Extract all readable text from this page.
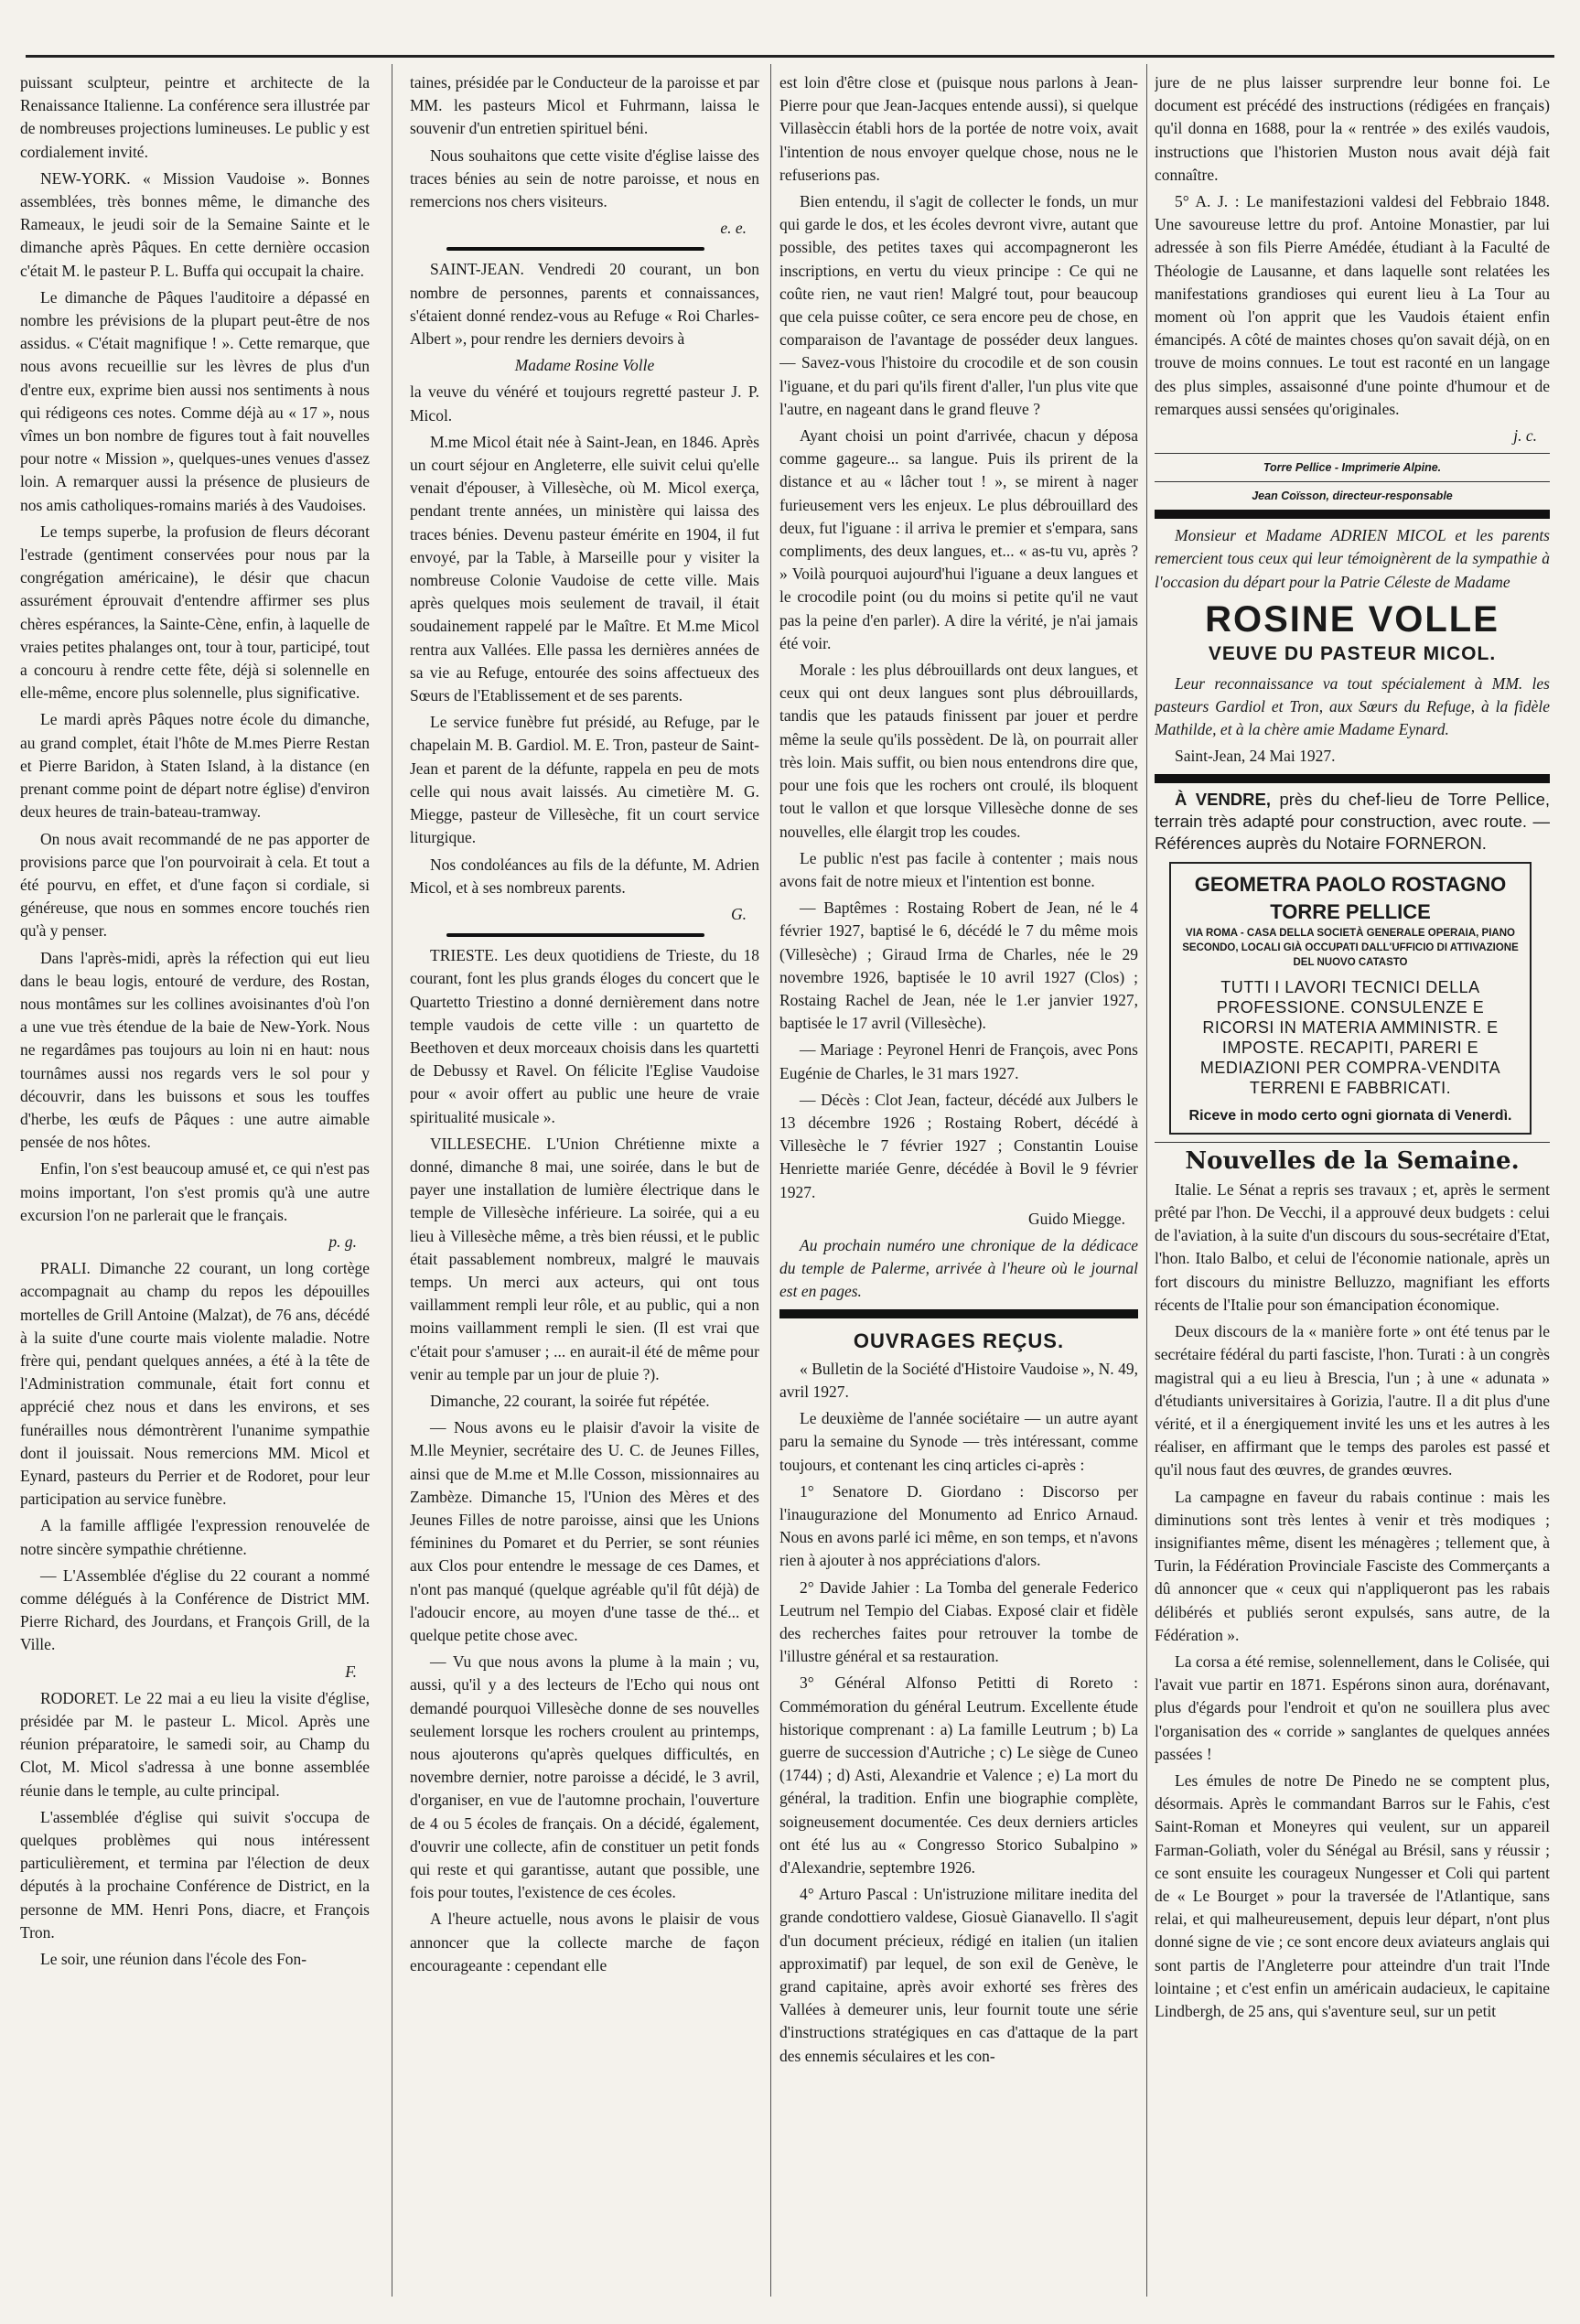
puissant sculpteur, peintre et architecte de la Renaissance Italienne. La conférence sera illustrée par de nombreuses projections lumineuses. Le public y est cordialement invité.

NEW-YORK. « Mission Vaudoise ». Bonnes assemblées, très bonnes même, le dimanche des Rameaux, le jeudi soir de la Semaine Sainte et le dimanche après Pâques. En cette dernière occasion c'était M. le pasteur P. L. Buffa qui occupait la chaire.

Le dimanche de Pâques l'auditoire a dépassé en nombre les prévisions de la plupart peut-être de nos assidus. « C'était magnifique ! ». Cette remarque, que nous avons recueillie sur les lèvres de plus d'un d'entre eux, exprime bien aussi nos sentiments à nous qui rédigeons ces notes. Comme déjà au « 17 », nous vîmes un bon nombre de figures tout à fait nouvelles pour notre « Mission », quelques-unes venues d'assez loin. A remarquer aussi la présence de plusieurs de nos amis catholiques-romains mariés à des Vaudoises.

Le temps superbe, la profusion de fleurs décorant l'estrade (gentiment conservées pour nous par la congrégation américaine), le désir que chacun assurément éprouvait d'entendre affirmer ses plus chères espérances, la Sainte-Cène, enfin, à laquelle de vraies petites phalanges ont, tour à tour, participé, tout a concouru à rendre cette fête, déjà si solennelle en elle-même, encore plus solennelle, plus significative.

Le mardi après Pâques notre école du dimanche, au grand complet, était l'hôte de M.mes Pierre Restan et Pierre Baridon, à Staten Island, à la distance (en prenant comme point de départ notre église) d'environ deux heures de train-bateau-tramway.

On nous avait recommandé de ne pas apporter de provisions parce que l'on pourvoirait à cela. Et tout a été pourvu, en effet, et d'une façon si cordiale, si généreuse, que nous en sommes encore touchés rien qu'à y penser.

Dans l'après-midi, après la réfection qui eut lieu dans le beau logis, entouré de verdure, des Rostan, nous montâmes sur les collines avoisinantes d'où l'on a une vue très étendue de la baie de New-York. Nous ne regardâmes pas toujours au loin ni en haut: nous tournâmes aussi nos regards vers le sol pour y découvrir, dans les buissons et sous les touffes d'herbe, les œufs de Pâques : une autre aimable pensée de nos hôtes.

Enfin, l'on s'est beaucoup amusé et, ce qui n'est pas moins important, l'on s'est promis qu'à une autre excursion l'on ne parlerait que le français.

p. g.

PRALI. Dimanche 22 courant, un long cortège accompagnait au champ du repos les dépouilles mortelles de Grill Antoine (Malzat), de 76 ans, décédé à la suite d'une courte mais violente maladie. Notre frère qui, pendant quelques années, a été à la tête de l'Administration communale, était fort connu et apprécié chez nous et dans les environs, et ses funérailles nous démontrèrent l'unanime sympathie dont il jouissait. Nous remercions MM. Micol et Eynard, pasteurs du Perrier et de Rodoret, pour leur participation au service funèbre.

A la famille affligée l'expression renouvelée de notre sincère sympathie chrétienne.

— L'Assemblée d'église du 22 courant a nommé comme délégués à la Conférence de District MM. Pierre Richard, des Jourdans, et François Grill, de la Ville.

F.

RODORET. Le 22 mai a eu lieu la visite d'église, présidée par M. le pasteur L. Micol. Après une réunion préparatoire, le samedi soir, au Champ du Clot, M. Micol s'adressa à une bonne assemblée réunie dans le temple, au culte principal.

L'assemblée d'église qui suivit s'occupa de quelques problèmes qui nous intéressent particulièrement, et termina par l'élection de deux députés à la prochaine Conférence de District, en la personne de MM. Henri Pons, diacre, et François Tron.

Le soir, une réunion dans l'école des Fon-

taines, présidée par le Conducteur de la paroisse et par MM. les pasteurs Micol et Fuhrmann, laissa le souvenir d'un entretien spirituel béni.

Nous souhaitons que cette visite d'église laisse des traces bénies au sein de notre paroisse, et nous en remercions nos chers visiteurs.

e. e.

SAINT-JEAN. Vendredi 20 courant, un bon nombre de personnes, parents et connaissances, s'étaient donné rendez-vous au Refuge « Roi Charles-Albert », pour rendre les derniers devoirs à

Madame Rosine Volle

la veuve du vénéré et toujours regretté pasteur J. P. Micol.

M.me Micol était née à Saint-Jean, en 1846. Après un court séjour en Angleterre, elle suivit celui qu'elle venait d'épouser, à Villesèche, où M. Micol exerça, pendant trente années, un ministère qui laissa des traces bénies. Devenu pasteur émérite en 1904, il fut envoyé, par la Table, à Marseille pour y visiter la nombreuse Colonie Vaudoise de cette ville. Mais après quelques mois seulement de travail, il était soudainement rappelé par le Maître. Et M.me Micol rentra aux Vallées. Elle passa les dernières années de sa vie au Refuge, entourée des soins affectueux des Sœurs de l'Etablissement et de ses parents.

Le service funèbre fut présidé, au Refuge, par le chapelain M. B. Gardiol. M. E. Tron, pasteur de Saint-Jean et parent de la défunte, rappela en peu de mots celle qui nous avait laissés. Au cimetière M. G. Miegge, pasteur de Villesèche, fit un court service liturgique.

Nos condoléances au fils de la défunte, M. Adrien Micol, et à ses nombreux parents.

G.

TRIESTE. Les deux quotidiens de Trieste, du 18 courant, font les plus grands éloges du concert que le Quartetto Triestino a donné dernièrement dans notre temple vaudois de cette ville : un quartetto de Beethoven et deux morceaux choisis dans les quartetti de Debussy et Ravel. On félicite l'Eglise Vaudoise pour « avoir offert au public une heure de vraie spiritualité musicale ».

VILLESECHE. L'Union Chrétienne mixte a donné, dimanche 8 mai, une soirée, dans le but de payer une installation de lumière électrique dans le temple de Villesèche inférieure. La soirée, qui a eu lieu à Villesèche même, a très bien réussi, et le public était passablement nombreux, malgré le mauvais temps. Un merci aux acteurs, qui ont tous vaillamment rempli leur rôle, et au public, qui a non moins vaillamment rempli le sien. (Il est vrai que c'était pour s'amuser ; ... en aurait-il été de même pour venir au temple par un jour de pluie ?).

Dimanche, 22 courant, la soirée fut répétée.

— Nous avons eu le plaisir d'avoir la visite de M.lle Meynier, secrétaire des U. C. de Jeunes Filles, ainsi que de M.me et M.lle Cosson, missionnaires au Zambèze. Dimanche 15, l'Union des Mères et des Jeunes Filles de notre paroisse, ainsi que les Unions féminines du Pomaret et du Perrier, se sont réunies aux Clos pour entendre le message de ces Dames, et n'ont pas manqué (quelque agréable qu'il fût déjà) de l'adoucir encore, au moyen d'une tasse de thé... et quelque petite chose avec.

— Vu que nous avons la plume à la main ; vu, aussi, qu'il y a des lecteurs de l'Echo qui nous ont demandé pourquoi Villesèche donne de ses nouvelles seulement lorsque les rochers croulent au printemps, nous ajouterons qu'après quelques difficultés, en novembre dernier, notre paroisse a décidé, le 3 avril, d'organiser, en vue de l'automne prochain, l'ouverture de 4 ou 5 écoles de français. On a décidé, également, d'ouvrir une collecte, afin de constituer un petit fonds qui reste et qui garantisse, autant que possible, une fois pour toutes, l'existence de ces écoles.

A l'heure actuelle, nous avons le plaisir de vous annoncer que la collecte marche de façon encourageante : cependant elle

est loin d'être close et (puisque nous parlons à Jean-Pierre pour que Jean-Jacques entende aussi), si quelque Villasèccin établi hors de la portée de notre voix, avait l'intention de nous envoyer quelque chose, nous ne le refuserions pas.

Bien entendu, il s'agit de collecter le fonds, un mur qui garde le dos, et les écoles devront vivre, autant que possible, des petites taxes qui accompagneront les inscriptions, en vertu du vieux principe : Ce qui ne coûte rien, ne vaut rien! Malgré tout, pour beaucoup que cela puisse coûter, ce sera encore peu de chose, en comparaison de l'avantage de posséder deux langues. — Savez-vous l'histoire du crocodile et de son cousin l'iguane, et du pari qu'ils firent d'aller, l'un plus vite que l'autre, en nageant dans le grand fleuve ?

Ayant choisi un point d'arrivée, chacun y déposa comme gageure... sa langue. Puis ils prirent de la distance et au « lâcher tout ! », se mirent à nager furieusement vers les enjeux. Le plus débrouillard des deux, fut l'iguane : il arriva le premier et s'empara, sans compliments, des deux langues, et... « as-tu vu, après ? » Voilà pourquoi aujourd'hui l'iguane a deux langues et le crocodile point (ou du moins si petite qu'il ne vaut pas la peine d'en parler). A dire la vérité, je n'ai jamais été voir.

Morale : les plus débrouillards ont deux langues, et ceux qui ont deux langues sont plus débrouillards, tandis que les patauds finissent par jouer et perdre même la seule qu'ils possèdent. De là, on pourrait aller très loin. Mais suffit, ou bien nous entendrons dire que, pour une fois que les rochers ont croulé, ils bloquent tout le vallon et que lorsque Villesèche donne de ses nouvelles, elle élargit trop les coudes.

Le public n'est pas facile à contenter ; mais nous avons fait de notre mieux et l'intention est bonne.

— Baptêmes : Rostaing Robert de Jean, né le 4 février 1927, baptisé le 6, décédé le 7 du même mois (Villesèche) ; Giraud Irma de Charles, née le 29 novembre 1926, baptisée le 10 avril 1927 (Clos) ; Rostaing Rachel de Jean, née le 1.er janvier 1927, baptisée le 17 avril (Villesèche).

— Mariage : Peyronel Henri de François, avec Pons Eugénie de Charles, le 31 mars 1927.

— Décès : Clot Jean, facteur, décédé aux Julbers le 13 décembre 1926 ; Rostaing Robert, décédé à Villesèche le 7 février 1927 ; Constantin Louise Henriette mariée Genre, décédée à Bovil le 9 février 1927.

Guido Miegge.

Au prochain numéro une chronique de la dédicace du temple de Palerme, arrivée à l'heure où le journal est en pages.

OUVRAGES REÇUS.

« Bulletin de la Société d'Histoire Vaudoise », N. 49, avril 1927.

Le deuxième de l'année sociétaire — un autre ayant paru la semaine du Synode — très intéressant, comme toujours, et contenant les cinq articles ci-après :

1° Senatore D. Giordano : Discorso per l'inaugurazione del Monumento ad Enrico Arnaud. Nous en avons parlé ici même, en son temps, et n'avons rien à ajouter à nos appréciations d'alors.

2° Davide Jahier : La Tomba del generale Federico Leutrum nel Tempio del Ciabas. Exposé clair et fidèle des recherches faites pour retrouver la tombe de l'illustre général et sa restauration.

3° Général Alfonso Petitti di Roreto : Commémoration du général Leutrum. Excellente étude historique comprenant : a) La famille Leutrum ; b) La guerre de succession d'Autriche ; c) Le siège de Cuneo (1744) ; d) Asti, Alexandrie et Valence ; e) La mort du général, la tradition. Enfin une biographie complète, soigneusement documentée. Ces deux derniers articles ont été lus au « Congresso Storico Subalpino » d'Alexandrie, septembre 1926.

4° Arturo Pascal : Un'istruzione militare inedita del grande condottiero valdese, Giosuè Gianavello. Il s'agit d'un document précieux, rédigé en italien (un italien approximatif) par lequel, de son exil de Genève, le grand capitaine, après avoir exhorté ses frères des Vallées à demeurer unis, leur fournit toute une série d'instructions stratégiques en cas d'attaque de la part des ennemis séculaires et les con-

jure de ne plus laisser surprendre leur bonne foi. Le document est précédé des instructions (rédigées en français) qu'il donna en 1688, pour la « rentrée » des exilés vaudois, instructions que l'historien Muston nous avait déjà fait connaître.

5° A. J. : Le manifestazioni valdesi del Febbraio 1848. Une savoureuse lettre du prof. Antoine Monastier, par lui adressée à son fils Pierre Amédée, étudiant à la Faculté de Théologie de Lausanne, et dans laquelle sont relatées les manifestations grandioses qui eurent lieu à La Tour au moment où l'on apprit que les Vaudois étaient enfin émancipés. A côté de maintes choses qu'on savait déjà, on en trouve de moins connues. Le tout est raconté en un langage des plus simples, assaisonné d'une pointe d'humour et de remarques aussi sensées qu'originales.

j. c.

Torre Pellice - Imprimerie Alpine.
Jean Coïsson, directeur-responsable

Monsieur et Madame ADRIEN MICOL et les parents remercient tous ceux qui leur témoignèrent de la sympathie à l'occasion du départ pour la Patrie Céleste de Madame

ROSINE VOLLE
VEUVE DU PASTEUR MICOL.

Leur reconnaissance va tout spécialement à MM. les pasteurs Gardiol et Tron, aux Sœurs du Refuge, à la fidèle Mathilde, et à la chère amie Madame Eynard.

Saint-Jean, 24 Mai 1927.

À VENDRE, près du chef-lieu de Torre Pellice, terrain très adapté pour construction, avec route. — Références auprès du Notaire FORNERON.

GEOMETRA PAOLO ROSTAGNO
TORRE PELLICE
VIA ROMA - CASA DELLA SOCIETÀ GENERALE OPERAIA, PIANO SECONDO, LOCALI GIÀ OCCUPATI DALL'UFFICIO DI ATTIVAZIONE DEL NUOVO CATASTO
TUTTI I LAVORI TECNICI DELLA PROFESSIONE. CONSULENZE E RICORSI IN MATERIA AMMINISTR. E IMPOSTE. RECAPITI, PARERI E MEDIAZIONI PER COMPRA-VENDITA TERRENI E FABBRICATI.
Riceve in modo certo ogni giornata di Venerdì.
Nouvelles de la Semaine.

Italie. Le Sénat a repris ses travaux ; et, après le serment prêté par l'hon. De Vecchi, il a approuvé deux budgets : celui de l'aviation, à la suite d'un discours du sous-secrétaire d'Etat, l'hon. Italo Balbo, et celui de l'économie nationale, après un fort discours du ministre Belluzzo, magnifiant les efforts récents de l'Italie pour son émancipation économique.

Deux discours de la « manière forte » ont été tenus par le secrétaire fédéral du parti fasciste, l'hon. Turati : à un congrès magistral qui a eu lieu à Brescia, l'un ; à une « adunata » d'étudiants universitaires à Gorizia, l'autre. Il a dit plus d'une vérité, et il a énergiquement invité les uns et les autres à les réaliser, en affirmant que le temps des paroles est passé et qu'il nous faut des œuvres, de grandes œuvres.

La campagne en faveur du rabais continue : mais les diminutions sont très lentes à venir et très modiques ; insignifiantes même, disent les ménagères ; tellement que, à Turin, la Fédération Provinciale Fasciste des Commerçants a dû annoncer que « ceux qui n'appliqueront pas les rabais délibérés et publiés seront expulsés, sans autre, de la Fédération ».

La corsa a été remise, solennellement, dans le Colisée, qui l'avait vue partir en 1871. Espérons sinon aura, dorénavant, plus d'égards pour l'endroit et qu'on ne souillera plus avec l'organisation des « corride » sanglantes de quelques années passées !

Les émules de notre De Pinedo ne se comptent plus, désormais. Après le commandant Barros sur le Fahis, c'est Saint-Roman et Moneyres qui veulent, sur un appareil Farman-Goliath, voler du Sénégal au Brésil, sans y réussir ; ce sont ensuite les courageux Nungesser et Coli qui partent de « Le Bourget » pour la traversée de l'Atlantique, sans relai, et qui malheureusement, depuis leur départ, n'ont plus donné signe de vie ; ce sont encore deux aviateurs anglais qui sont partis de l'Angleterre pour atteindre d'un trait l'Inde lointaine ; et c'est enfin un américain audacieux, le capitaine Lindbergh, de 25 ans, qui s'aventure seul, sur un petit
